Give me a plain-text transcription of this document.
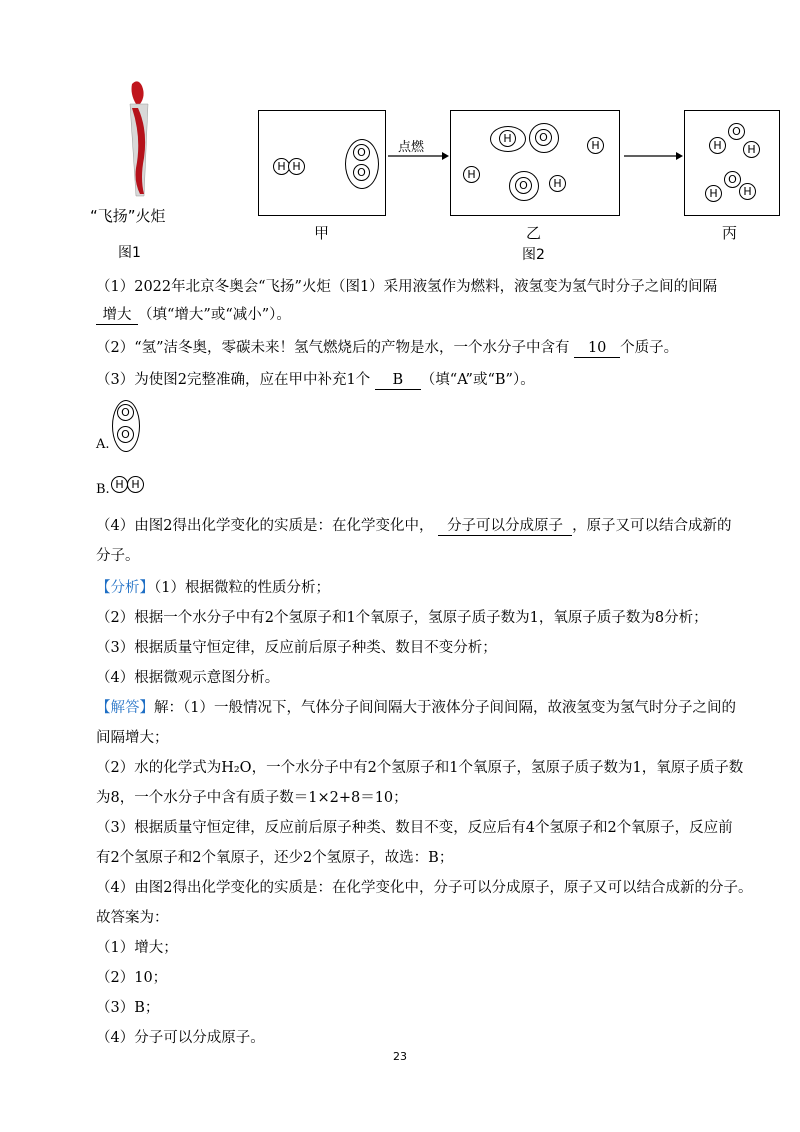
“飞扬”火炬
图1
H H
O
O
点燃
H	O
H
H
O	H
O
H	H
O
H	H
甲	乙	丙
图2
（1）2022年北京冬奥会“飞扬”火炬（图1）采用液氢作为燃料，液氢变为氢气时分子之间的间隔
增大 （填“增大”或“减小”）。
（2）“氢”洁冬奥，零碳未来！氢气燃烧后的产物是水，一个水分子中含有 10 个质子。
（3）为使图2完整准确，应在甲中补充1个 B （填“A”或“B”）。
O
O
A.
H H
B.
（4）由图2得出化学变化的实质是：在化学变化中， 分子可以分成原子 ，原子又可以结合成新的
分子。
【分析】（1）根据微粒的性质分析；
（2）根据一个水分子中有2个氢原子和1个氧原子，氢原子质子数为1，氧原子质子数为8分析；
（3）根据质量守恒定律，反应前后原子种类、数目不变分析；
（4）根据微观示意图分析。
【解答】解：（1）一般情况下，气体分子间间隔大于液体分子间间隔，故液氢变为氢气时分子之间的
间隔增大；
（2）水的化学式为H₂O，一个水分子中有2个氢原子和1个氧原子，氢原子质子数为1，氧原子质子数
为8，一个水分子中含有质子数＝1×2+8＝10；
（3）根据质量守恒定律，反应前后原子种类、数目不变，反应后有4个氢原子和2个氧原子，反应前
有2个氢原子和2个氧原子，还少2个氢原子，故选：B；
（4）由图2得出化学变化的实质是：在化学变化中，分子可以分成原子，原子又可以结合成新的分子。
故答案为：
（1）增大；
（2）10；
（3）B；
（4）分子可以分成原子。
23
